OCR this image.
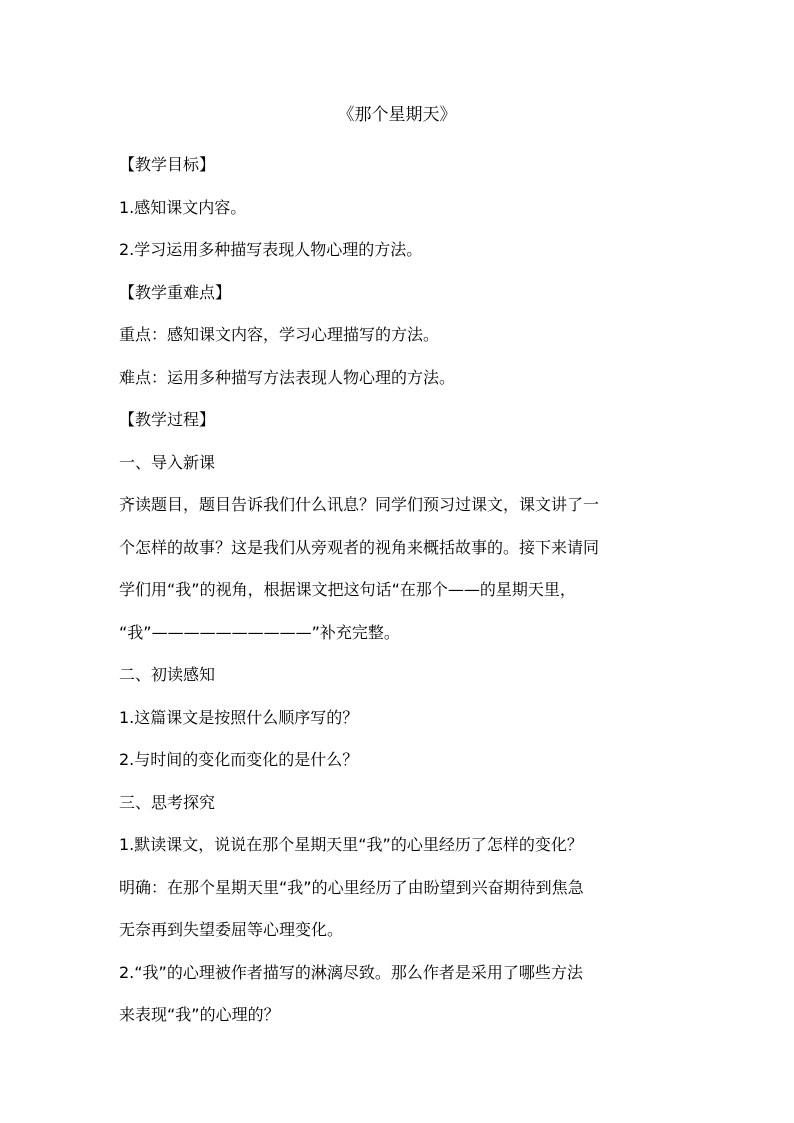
《那个星期天》

【教学目标】

1.感知课文内容。

2.学习运用多种描写表现人物心理的方法。

【教学重难点】

重点：感知课文内容，学习心理描写的方法。

难点：运用多种描写方法表现人物心理的方法。

【教学过程】

一、导入新课

齐读题目，题目告诉我们什么讯息？同学们预习过课文，课文讲了一

个怎样的故事？这是我们从旁观者的视角来概括故事的。接下来请同

学们用“我”的视角，根据课文把这句话“在那个——的星期天里，

“我”——————————”补充完整。

二、初读感知

1.这篇课文是按照什么顺序写的？

2.与时间的变化而变化的是什么？

三、思考探究

1.默读课文，说说在那个星期天里“我”的心里经历了怎样的变化？

明确：在那个星期天里“我”的心里经历了由盼望到兴奋期待到焦急

无奈再到失望委屈等心理变化。

2.“我”的心理被作者描写的淋漓尽致。那么作者是采用了哪些方法

来表现“我”的心理的？
